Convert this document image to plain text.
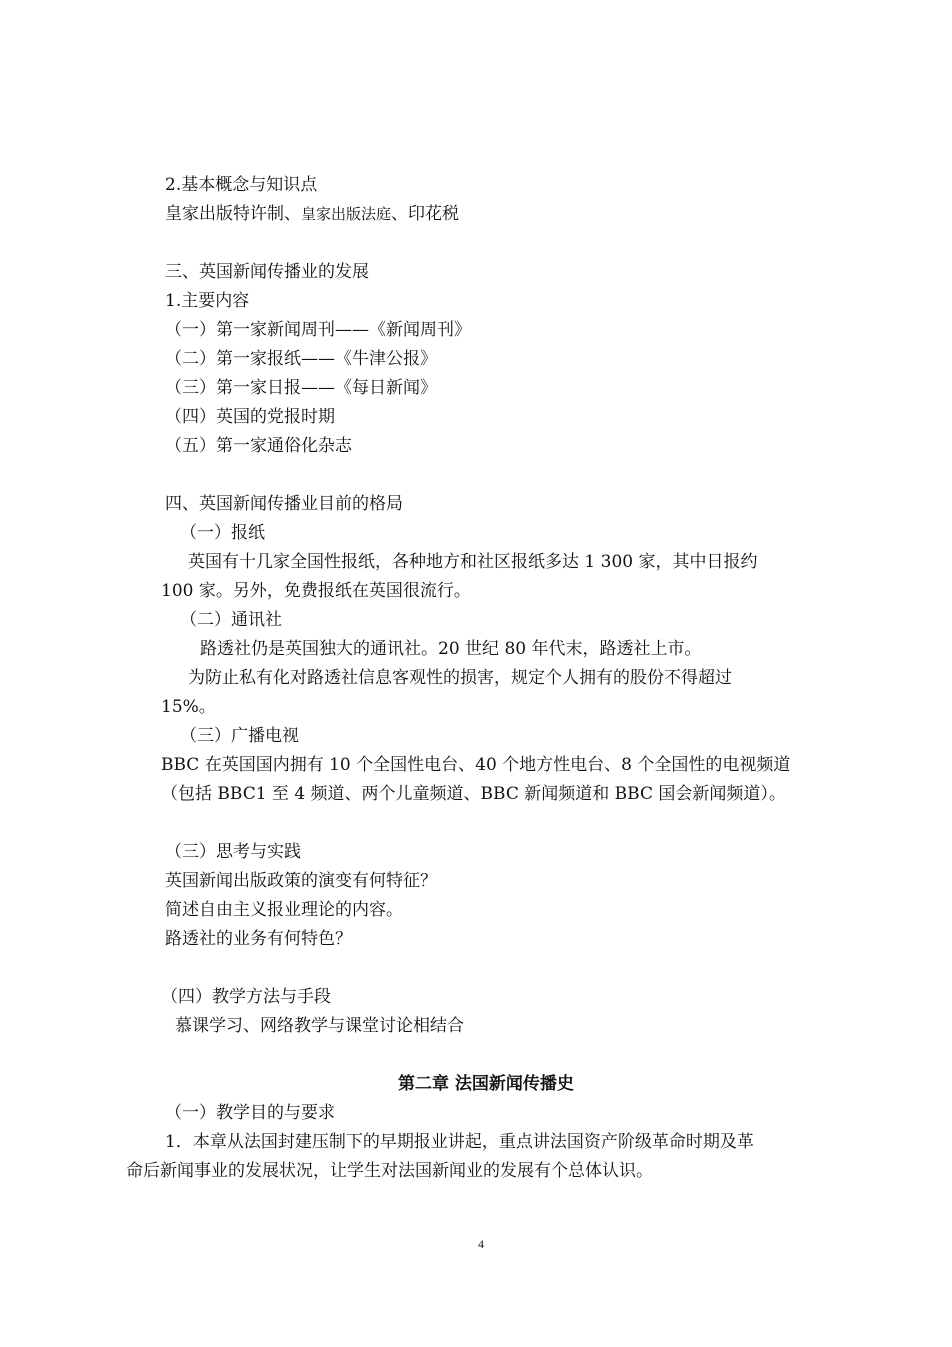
2.基本概念与知识点
皇家出版特许制、皇家出版法庭、印花税
三、英国新闻传播业的发展
1.主要内容
（一）第一家新闻周刊——《新闻周刊》
（二）第一家报纸——《牛津公报》
（三）第一家日报——《每日新闻》
（四）英国的党报时期
（五）第一家通俗化杂志
四、英国新闻传播业目前的格局
（一）报纸
英国有十几家全国性报纸，各种地方和社区报纸多达 1 300 家，其中日报约
100 家。另外，免费报纸在英国很流行。
（二）通讯社
路透社仍是英国独大的通讯社。20 世纪 80 年代末，路透社上市。
为防止私有化对路透社信息客观性的损害，规定个人拥有的股份不得超过
15%。
（三）广播电视
BBC 在英国国内拥有 10 个全国性电台、40 个地方性电台、8 个全国性的电视频道
（包括 BBC1 至 4 频道、两个儿童频道、BBC 新闻频道和 BBC 国会新闻频道）。
（三）思考与实践
英国新闻出版政策的演变有何特征？
简述自由主义报业理论的内容。
路透社的业务有何特色？
（四）教学方法与手段
慕课学习、网络教学与课堂讨论相结合
第二章 法国新闻传播史
（一）教学目的与要求
1．本章从法国封建压制下的早期报业讲起，重点讲法国资产阶级革命时期及革
命后新闻事业的发展状况，让学生对法国新闻业的发展有个总体认识。
4
